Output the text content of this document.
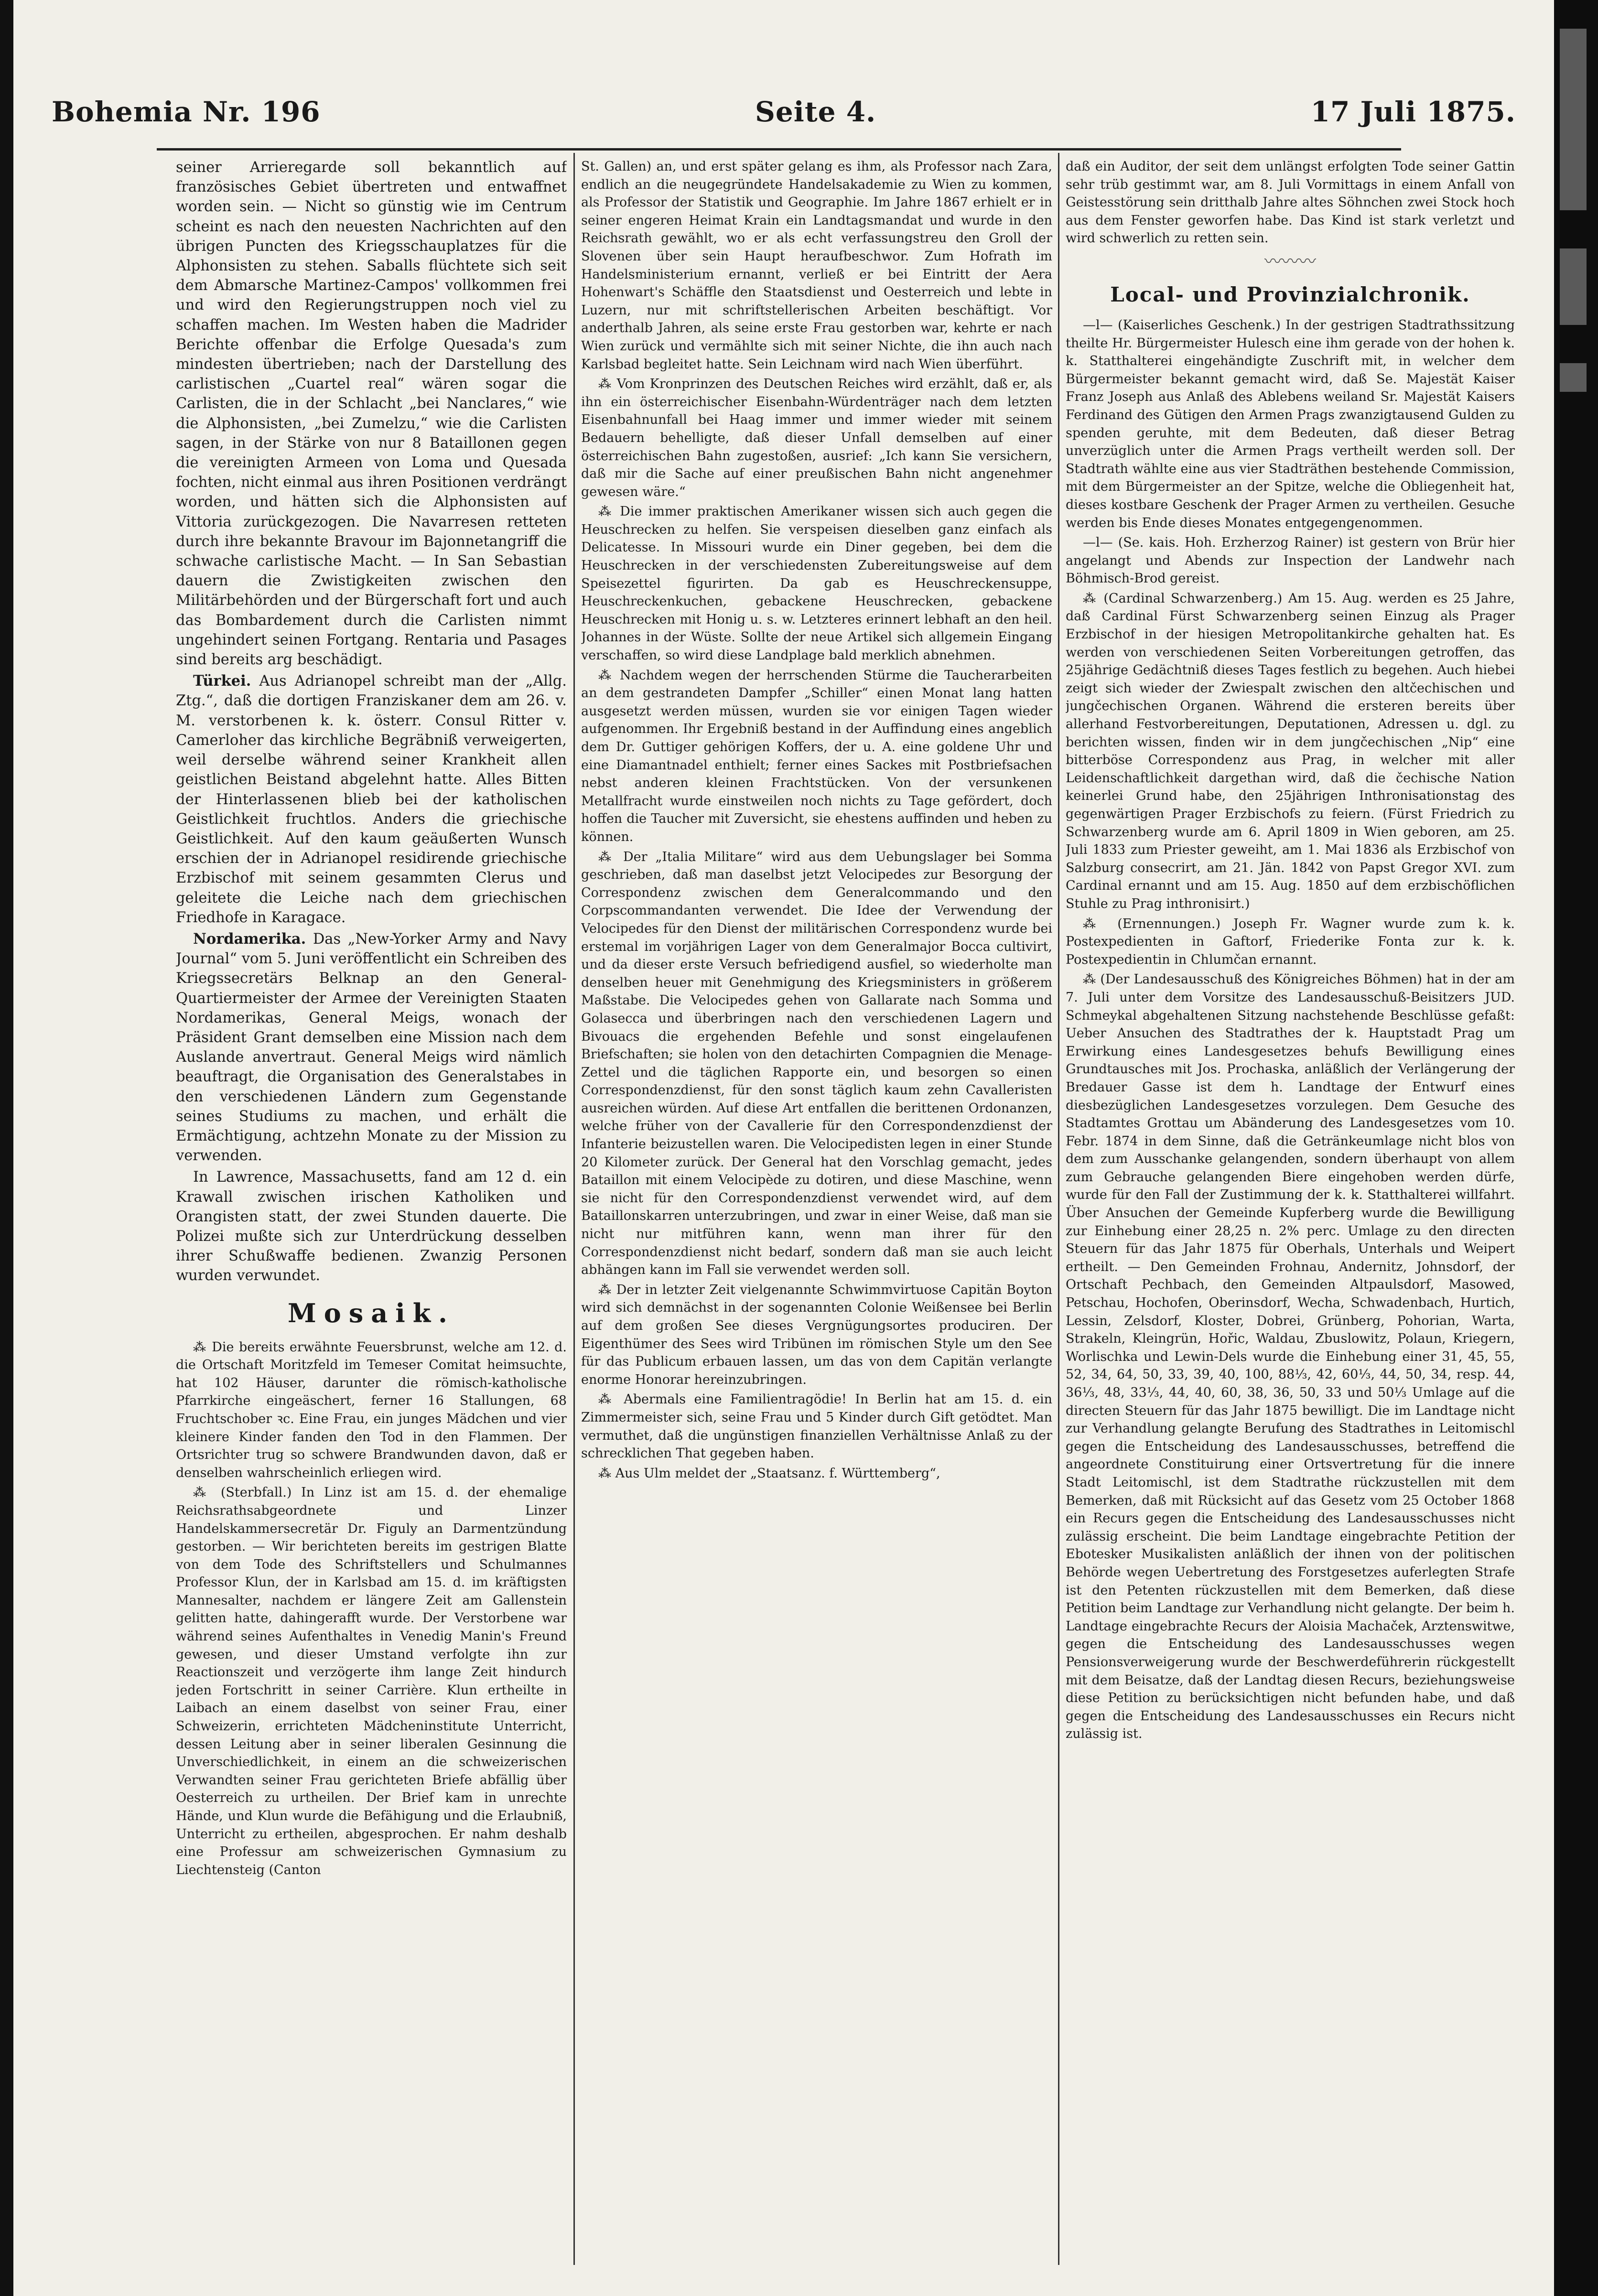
Bohemia Nr. 196	Seite 4.	17 Juli 1875.

seiner Arrieregarde soll bekanntlich auf französisches Gebiet übertreten und entwaffnet worden sein. — Nicht so günstig wie im Centrum scheint es nach den neuesten Nachrichten auf den übrigen Puncten des Kriegsschauplatzes für die Alphonsisten zu stehen. Saballs flüchtete sich seit dem Abmarsche Martinez-Campos' vollkommen frei und wird den Regierungstruppen noch viel zu schaffen machen. Im Westen haben die Madrider Berichte offenbar die Erfolge Quesada's zum mindesten übertrieben; nach der Darstellung des carlistischen „Cuartel real“ wären sogar die Carlisten, die in der Schlacht „bei Nanclares,“ wie die Alphonsisten, „bei Zumelzu,“ wie die Carlisten sagen, in der Stärke von nur 8 Bataillonen gegen die vereinigten Armeen von Loma und Quesada fochten, nicht einmal aus ihren Positionen verdrängt worden, und hätten sich die Alphonsisten auf Vittoria zurückgezogen. Die Navarresen retteten durch ihre bekannte Bravour im Bajonnetangriff die schwache carlistische Macht. — In San Sebastian dauern die Zwistigkeiten zwischen den Militärbehörden und der Bürgerschaft fort und auch das Bombardement durch die Carlisten nimmt ungehindert seinen Fortgang. Rentaria und Pasages sind bereits arg beschädigt.

Türkei. Aus Adrianopel schreibt man der „Allg. Ztg.“, daß die dortigen Franziskaner dem am 26. v. M. verstorbenen k. k. österr. Consul Ritter v. Camerloher das kirchliche Begräbniß verweigerten, weil derselbe während seiner Krankheit allen geistlichen Beistand abgelehnt hatte. Alles Bitten der Hinterlassenen blieb bei der katholischen Geistlichkeit fruchtlos. Anders die griechische Geistlichkeit. Auf den kaum geäußerten Wunsch erschien der in Adrianopel residirende griechische Erzbischof mit seinem gesammten Clerus und geleitete die Leiche nach dem griechischen Friedhofe in Karagace.

Nordamerika. Das „New-Yorker Army and Navy Journal“ vom 5. Juni veröffentlicht ein Schreiben des Kriegssecretärs Belknap an den General-Quartiermeister der Armee der Vereinigten Staaten Nordamerikas, General Meigs, wonach der Präsident Grant demselben eine Mission nach dem Auslande anvertraut. General Meigs wird nämlich beauftragt, die Organisation des Generalstabes in den verschiedenen Ländern zum Gegenstande seines Studiums zu machen, und erhält die Ermächtigung, achtzehn Monate zu der Mission zu verwenden.

In Lawrence, Massachusetts, fand am 12 d. ein Krawall zwischen irischen Katholiken und Orangisten statt, der zwei Stunden dauerte. Die Polizei mußte sich zur Unterdrückung desselben ihrer Schußwaffe bedienen. Zwanzig Personen wurden verwundet.

Mosaik.

⁂ Die bereits erwähnte Feuersbrunst, welche am 12. d. die Ortschaft Moritzfeld im Temeser Comitat heimsuchte, hat 102 Häuser, darunter die römisch-katholische Pfarrkirche eingeäschert, ferner 16 Stallungen, 68 Fruchtschober ꝛc. Eine Frau, ein junges Mädchen und vier kleinere Kinder fanden den Tod in den Flammen. Der Ortsrichter trug so schwere Brandwunden davon, daß er denselben wahrscheinlich erliegen wird.

⁂ (Sterbfall.) In Linz ist am 15. d. der ehemalige Reichsrathsabgeordnete und Linzer Handelskammersecretär Dr. Figuly an Darmentzündung gestorben. — Wir berichteten bereits im gestrigen Blatte von dem Tode des Schriftstellers und Schulmannes Professor Klun, der in Karlsbad am 15. d. im kräftigsten Mannesalter, nachdem er längere Zeit am Gallenstein gelitten hatte, dahingerafft wurde. Der Verstorbene war während seines Aufenthaltes in Venedig Manin's Freund gewesen, und dieser Umstand verfolgte ihn zur Reactionszeit und verzögerte ihm lange Zeit hindurch jeden Fortschritt in seiner Carrière. Klun ertheilte in Laibach an einem daselbst von seiner Frau, einer Schweizerin, errichteten Mädcheninstitute Unterricht, dessen Leitung aber in seiner liberalen Gesinnung die Unverschiedlichkeit, in einem an die schweizerischen Verwandten seiner Frau gerichteten Briefe abfällig über Oesterreich zu urtheilen. Der Brief kam in unrechte Hände, und Klun wurde die Befähigung und die Erlaubniß, Unterricht zu ertheilen, abgesprochen. Er nahm deshalb eine Professur am schweizerischen Gymnasium zu Liechtensteig (Canton

St. Gallen) an, und erst später gelang es ihm, als Professor nach Zara, endlich an die neugegründete Handelsakademie zu Wien zu kommen, als Professor der Statistik und Geographie. Im Jahre 1867 erhielt er in seiner engeren Heimat Krain ein Landtagsmandat und wurde in den Reichsrath gewählt, wo er als echt verfassungstreu den Groll der Slovenen über sein Haupt heraufbeschwor. Zum Hofrath im Handelsministerium ernannt, verließ er bei Eintritt der Aera Hohenwart's Schäffle den Staatsdienst und Oesterreich und lebte in Luzern, nur mit schriftstellerischen Arbeiten beschäftigt. Vor anderthalb Jahren, als seine erste Frau gestorben war, kehrte er nach Wien zurück und vermählte sich mit seiner Nichte, die ihn auch nach Karlsbad begleitet hatte. Sein Leichnam wird nach Wien überführt.

⁂ Vom Kronprinzen des Deutschen Reiches wird erzählt, daß er, als ihn ein österreichischer Eisenbahn-Würdenträger nach dem letzten Eisenbahnunfall bei Haag immer und immer wieder mit seinem Bedauern behelligte, daß dieser Unfall demselben auf einer österreichischen Bahn zugestoßen, ausrief: „Ich kann Sie versichern, daß mir die Sache auf einer preußischen Bahn nicht angenehmer gewesen wäre.“

⁂ Die immer praktischen Amerikaner wissen sich auch gegen die Heuschrecken zu helfen. Sie verspeisen dieselben ganz einfach als Delicatesse. In Missouri wurde ein Diner gegeben, bei dem die Heuschrecken in der verschiedensten Zubereitungsweise auf dem Speisezettel figurirten. Da gab es Heuschreckensuppe, Heuschreckenkuchen, gebackene Heuschrecken, gebackene Heuschrecken mit Honig u. s. w. Letzteres erinnert lebhaft an den heil. Johannes in der Wüste. Sollte der neue Artikel sich allgemein Eingang verschaffen, so wird diese Landplage bald merklich abnehmen.

⁂ Nachdem wegen der herrschenden Stürme die Taucherarbeiten an dem gestrandeten Dampfer „Schiller“ einen Monat lang hatten ausgesetzt werden müssen, wurden sie vor einigen Tagen wieder aufgenommen. Ihr Ergebniß bestand in der Auffindung eines angeblich dem Dr. Guttiger gehörigen Koffers, der u. A. eine goldene Uhr und eine Diamantnadel enthielt; ferner eines Sackes mit Postbriefsachen nebst anderen kleinen Frachtstücken. Von der versunkenen Metallfracht wurde einstweilen noch nichts zu Tage gefördert, doch hoffen die Taucher mit Zuversicht, sie ehestens auffinden und heben zu können.

⁂ Der „Italia Militare“ wird aus dem Uebungslager bei Somma geschrieben, daß man daselbst jetzt Velocipedes zur Besorgung der Correspondenz zwischen dem Generalcommando und den Corpscommandanten verwendet. Die Idee der Verwendung der Velocipedes für den Dienst der militärischen Correspondenz wurde bei erstemal im vorjährigen Lager von dem Generalmajor Bocca cultivirt, und da dieser erste Versuch befriedigend ausfiel, so wiederholte man denselben heuer mit Genehmigung des Kriegsministers in größerem Maßstabe. Die Velocipedes gehen von Gallarate nach Somma und Golasecca und überbringen nach den verschiedenen Lagern und Bivouacs die ergehenden Befehle und sonst eingelaufenen Briefschaften; sie holen von den detachirten Compagnien die Menage-Zettel und die täglichen Rapporte ein, und besorgen so einen Correspondenzdienst, für den sonst täglich kaum zehn Cavalleristen ausreichen würden. Auf diese Art entfallen die berittenen Ordonanzen, welche früher von der Cavallerie für den Correspondenzdienst der Infanterie beizustellen waren. Die Velocipedisten legen in einer Stunde 20 Kilometer zurück. Der General hat den Vorschlag gemacht, jedes Bataillon mit einem Velocipède zu dotiren, und diese Maschine, wenn sie nicht für den Correspondenzdienst verwendet wird, auf dem Bataillonskarren unterzubringen, und zwar in einer Weise, daß man sie nicht nur mitführen kann, wenn man ihrer für den Correspondenzdienst nicht bedarf, sondern daß man sie auch leicht abhängen kann im Fall sie verwendet werden soll.

⁂ Der in letzter Zeit vielgenannte Schwimmvirtuose Capitän Boyton wird sich demnächst in der sogenannten Colonie Weißensee bei Berlin auf dem großen See dieses Vergnügungsortes produciren. Der Eigenthümer des Sees wird Tribünen im römischen Style um den See für das Publicum erbauen lassen, um das von dem Capitän verlangte enorme Honorar hereinzubringen.

⁂ Abermals eine Familientragödie! In Berlin hat am 15. d. ein Zimmermeister sich, seine Frau und 5 Kinder durch Gift getödtet. Man vermuthet, daß die ungünstigen finanziellen Verhältnisse Anlaß zu der schrecklichen That gegeben haben.

⁂ Aus Ulm meldet der „Staatsanz. f. Württemberg“,

daß ein Auditor, der seit dem unlängst erfolgten Tode seiner Gattin sehr trüb gestimmt war, am 8. Juli Vormittags in einem Anfall von Geistesstörung sein dritthalb Jahre altes Söhnchen zwei Stock hoch aus dem Fenster geworfen habe. Das Kind ist stark verletzt und wird schwerlich zu retten sein.

〰〰〰
Local- und Provinzialchronik.

—l— (Kaiserliches Geschenk.) In der gestrigen Stadtrathssitzung theilte Hr. Bürgermeister Hulesch eine ihm gerade von der hohen k. k. Statthalterei eingehändigte Zuschrift mit, in welcher dem Bürgermeister bekannt gemacht wird, daß Se. Majestät Kaiser Franz Joseph aus Anlaß des Ablebens weiland Sr. Majestät Kaisers Ferdinand des Gütigen den Armen Prags zwanzigtausend Gulden zu spenden geruhte, mit dem Bedeuten, daß dieser Betrag unverzüglich unter die Armen Prags vertheilt werden soll. Der Stadtrath wählte eine aus vier Stadträthen bestehende Commission, mit dem Bürgermeister an der Spitze, welche die Obliegenheit hat, dieses kostbare Geschenk der Prager Armen zu vertheilen. Gesuche werden bis Ende dieses Monates entgegengenommen.

—l— (Se. kais. Hoh. Erzherzog Rainer) ist gestern von Brür hier angelangt und Abends zur Inspection der Landwehr nach Böhmisch-Brod gereist.

⁂ (Cardinal Schwarzenberg.) Am 15. Aug. werden es 25 Jahre, daß Cardinal Fürst Schwarzenberg seinen Einzug als Prager Erzbischof in der hiesigen Metropolitankirche gehalten hat. Es werden von verschiedenen Seiten Vorbereitungen getroffen, das 25jährige Gedächtniß dieses Tages festlich zu begehen. Auch hiebei zeigt sich wieder der Zwiespalt zwischen den altčechischen und jungčechischen Organen. Während die ersteren bereits über allerhand Festvorbereitungen, Deputationen, Adressen u. dgl. zu berichten wissen, finden wir in dem jungčechischen „Nip“ eine bitterböse Correspondenz aus Prag, in welcher mit aller Leidenschaftlichkeit dargethan wird, daß die čechische Nation keinerlei Grund habe, den 25jährigen Inthronisationstag des gegenwärtigen Prager Erzbischofs zu feiern. (Fürst Friedrich zu Schwarzenberg wurde am 6. April 1809 in Wien geboren, am 25. Juli 1833 zum Priester geweiht, am 1. Mai 1836 als Erzbischof von Salzburg consecrirt, am 21. Jän. 1842 von Papst Gregor XVI. zum Cardinal ernannt und am 15. Aug. 1850 auf dem erzbischöflichen Stuhle zu Prag inthronisirt.)

⁂ (Ernennungen.) Joseph Fr. Wagner wurde zum k. k. Postexpedienten in Gaftorf, Friederike Fonta zur k. k. Postexpedientin in Chlumčan ernannt.

⁂ (Der Landesausschuß des Königreiches Böhmen) hat in der am 7. Juli unter dem Vorsitze des Landesausschuß-Beisitzers JUD. Schmeykal abgehaltenen Sitzung nachstehende Beschlüsse gefaßt: Ueber Ansuchen des Stadtrathes der k. Hauptstadt Prag um Erwirkung eines Landesgesetzes behufs Bewilligung eines Grundtausches mit Jos. Prochaska, anläßlich der Verlängerung der Bredauer Gasse ist dem h. Landtage der Entwurf eines diesbezüglichen Landesgesetzes vorzulegen. Dem Gesuche des Stadtamtes Grottau um Abänderung des Landesgesetzes vom 10. Febr. 1874 in dem Sinne, daß die Getränkeumlage nicht blos von dem zum Ausschanke gelangenden, sondern überhaupt von allem zum Gebrauche gelangenden Biere eingehoben werden dürfe, wurde für den Fall der Zustimmung der k. k. Statthalterei willfahrt. Über Ansuchen der Gemeinde Kupferberg wurde die Bewilligung zur Einhebung einer 28,25 n. 2% perc. Umlage zu den directen Steuern für das Jahr 1875 für Oberhals, Unterhals und Weipert ertheilt. — Den Gemeinden Frohnau, Andernitz, Johnsdorf, der Ortschaft Pechbach, den Gemeinden Altpaulsdorf, Masowed, Petschau, Hochofen, Oberinsdorf, Wecha, Schwadenbach, Hurtich, Lessin, Zelsdorf, Kloster, Dobrei, Grünberg, Pohorian, Warta, Strakeln, Kleingrün, Hořic, Waldau, Zbuslowitz, Polaun, Kriegern, Worlischka und Lewin-Dels wurde die Einhebung einer 31, 45, 55, 52, 34, 64, 50, 33, 39, 40, 100, 88⅓, 42, 60⅓, 44, 50, 34, resp. 44, 36⅓, 48, 33⅓, 44, 40, 60, 38, 36, 50, 33 und 50⅓ Umlage auf die directen Steuern für das Jahr 1875 bewilligt. Die im Landtage nicht zur Verhandlung gelangte Berufung des Stadtrathes in Leitomischl gegen die Entscheidung des Landesausschusses, betreffend die angeordnete Constituirung einer Ortsvertretung für die innere Stadt Leitomischl, ist dem Stadtrathe rückzustellen mit dem Bemerken, daß mit Rücksicht auf das Gesetz vom 25 October 1868 ein Recurs gegen die Entscheidung des Landesausschusses nicht zulässig erscheint. Die beim Landtage eingebrachte Petition der Ebotesker Musikalisten anläßlich der ihnen von der politischen Behörde wegen Uebertretung des Forstgesetzes auferlegten Strafe ist den Petenten rückzustellen mit dem Bemerken, daß diese Petition beim Landtage zur Verhandlung nicht gelangte. Der beim h. Landtage eingebrachte Recurs der Aloisia Machaček, Arztenswitwe, gegen die Entscheidung des Landesausschusses wegen Pensionsverweigerung wurde der Beschwerdeführerin rückgestellt mit dem Beisatze, daß der Landtag diesen Recurs, beziehungsweise diese Petition zu berücksichtigen nicht befunden habe, und daß gegen die Entscheidung des Landesausschusses ein Recurs nicht zulässig ist.
